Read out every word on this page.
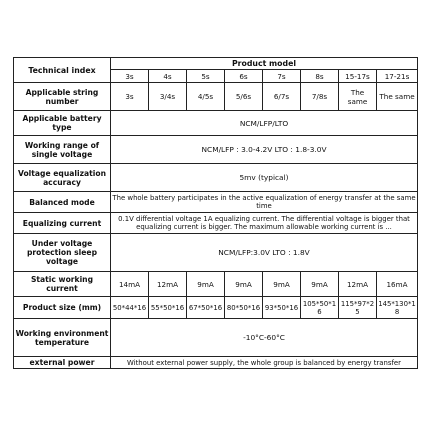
Technical index	Product model							
	3s	4s	5s	6s	7s	8s	15-17s	17-21s
Applicable string number	3s	3/4s	4/5s	5/6s	6/7s	7/8s	The same	The same
Applicable battery type	NCM/LFP/LTO							
Working range of single voltage	NCM/LFP : 3.0-4.2V LTO : 1.8-3.0V							
Voltage equalization accuracy	5mv (typical)							
Balanced mode	The whole battery participates in the active equalization of energy transfer at the same time							
Equalizing current	0.1V differential voltage 1A equalizing current. The differential voltage is bigger that equalizing current is bigger. The maximum allowable working current is ...							
Under voltage protection sleep voltage	NCM/LFP:3.0V LTO : 1.8V							
Static working current	14mA	12mA	9mA	9mA	9mA	9mA	12mA	16mA
Product size (mm)	50*44*16	55*50*16	67*50*16	80*50*16	93*50*16	105*50*16	115*97*25	145*130*18
Working environment temperature	-10°C-60°C							
external power	Without external power supply, the whole group is balanced by energy transfer							
